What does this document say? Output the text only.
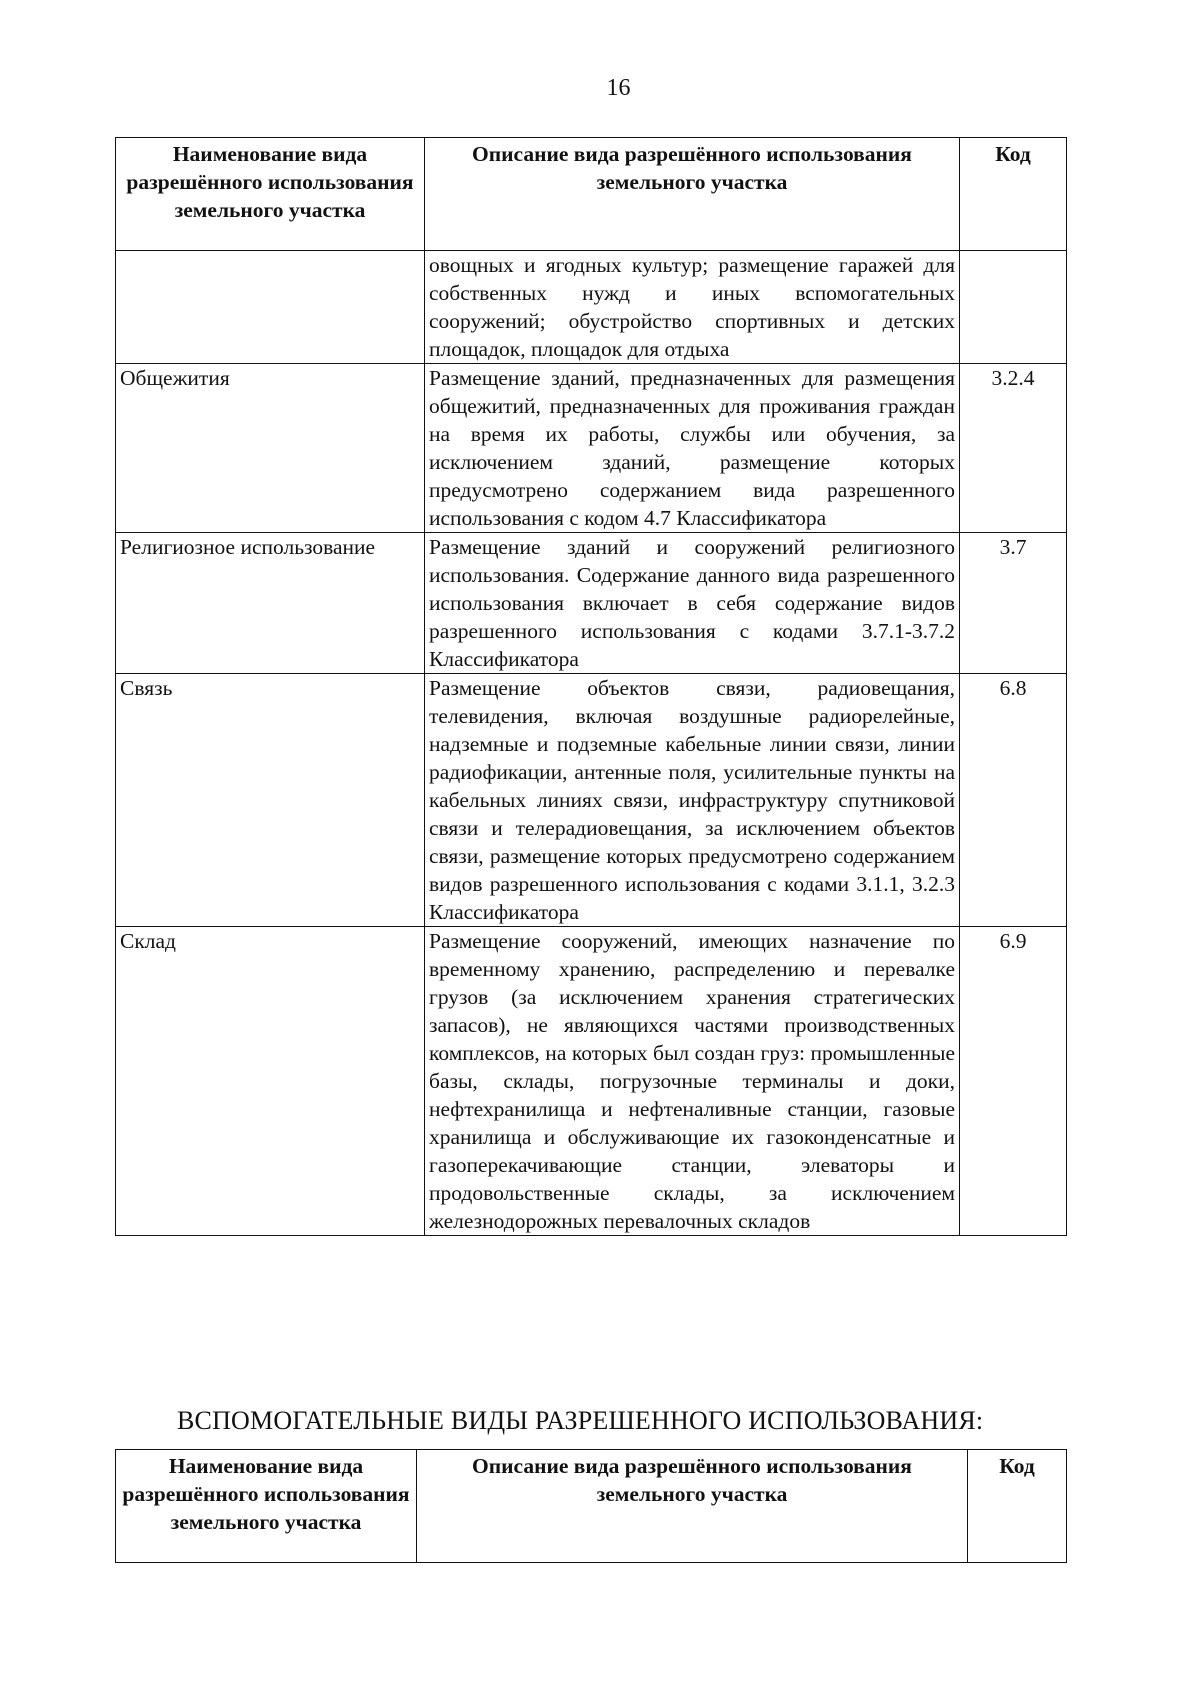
16
Наименование вида разрешённого использования земельного участка	Описание вида разрешённого использования земельного участка	Код
	овощных и ягодных культур; размещение гаражей для собственных нужд и иных вспомогательных сооружений; обустройство спортивных и детских площадок, площадок для отдыха	
Общежития	Размещение зданий, предназначенных для размещения общежитий, предназначенных для проживания граждан на время их работы, службы или обучения, за исключением зданий, размещение которых предусмотрено содержанием вида разрешенного использования с кодом 4.7 Классификатора	3.2.4
Религиозное использование	Размещение зданий и сооружений религиозного использования. Содержание данного вида разрешенного использования включает в себя содержание видов разрешенного использования с кодами 3.7.1-3.7.2 Классификатора	3.7
Связь	Размещение объектов связи, радиовещания, телевидения, включая воздушные радиорелейные, надземные и подземные кабельные линии связи, линии радиофикации, антенные поля, усилительные пункты на кабельных линиях связи, инфраструктуру спутниковой связи и телерадиовещания, за исключением объектов связи, размещение которых предусмотрено содержанием видов разрешенного использования с кодами 3.1.1, 3.2.3 Классификатора	6.8
Склад	Размещение сооружений, имеющих назначение по временному хранению, распределению и перевалке грузов (за исключением хранения стратегических запасов), не являющихся частями производственных комплексов, на которых был создан груз: промышленные базы, склады, погрузочные терминалы и доки, нефтехранилища и нефтеналивные станции, газовые хранилища и обслуживающие их газоконденсатные и газоперекачивающие станции, элеваторы и продовольственные склады, за исключением железнодорожных перевалочных складов	6.9
ВСПОМОГАТЕЛЬНЫЕ ВИДЫ РАЗРЕШЕННОГО ИСПОЛЬЗОВАНИЯ:
Наименование вида разрешённого использования земельного участка	Описание вида разрешённого использования земельного участка	Код
